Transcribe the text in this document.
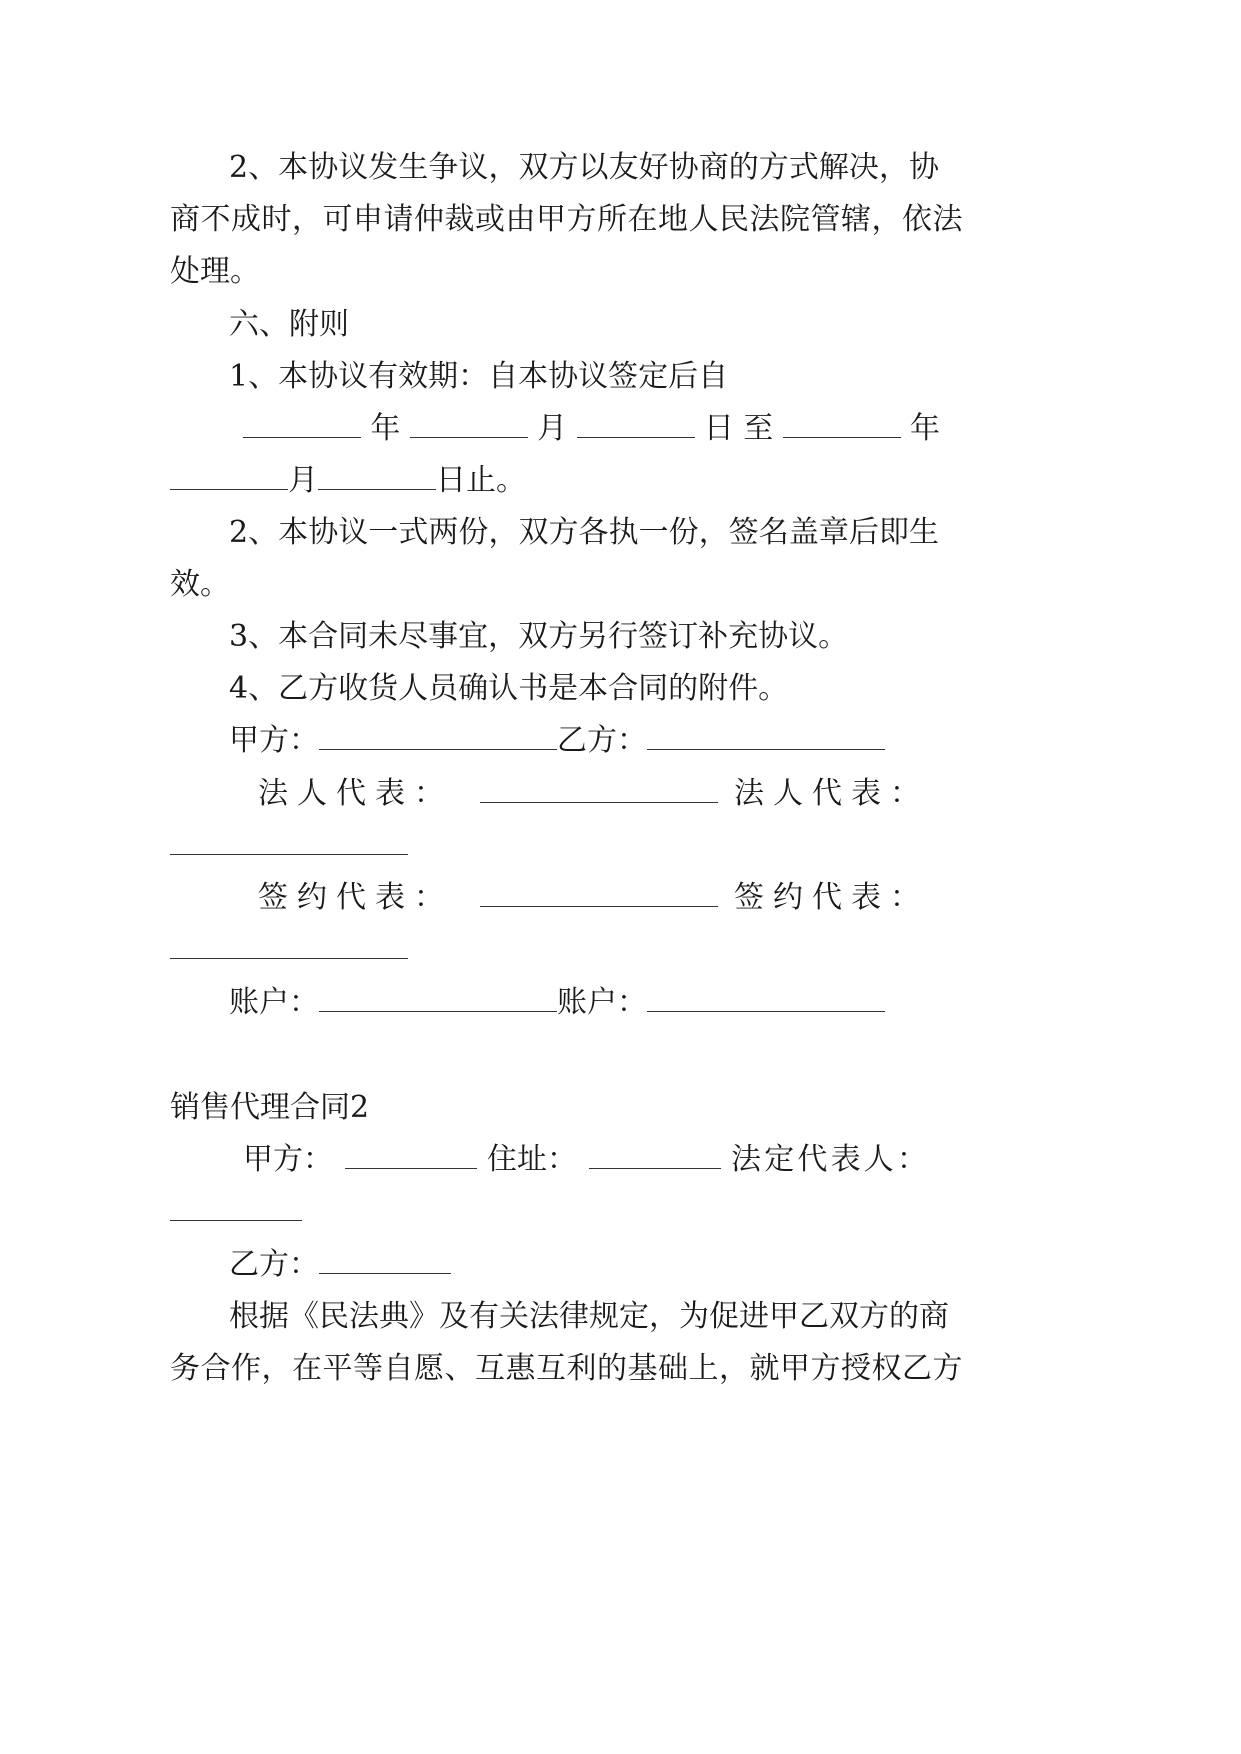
2、本协议发生争议，双方以友好协商的方式解决，协
商不成时，可申请仲裁或由甲方所在地人民法院管辖，依法
处理。
六、附则
1、本协议有效期：自本协议签定后自
年	月	日 至	年
月	日止。
2、本协议一式两份，双方各执一份，签名盖章后即生
效。
3、本合同未尽事宜，双方另行签订补充协议。
4、乙方收货人员确认书是本合同的附件。
甲方：	乙方：
法 人 代 表 ：	法 人 代 表 ：
签 约 代 表 ：	签 约 代 表 ：
账户：	账户：
销售代理合同2
甲 方 ：	住 址 ：	法 定 代 表 人 ：
乙方：
根据《民法典》及有关法律规定，为促进甲乙双方的商
务合作，在平等自愿、互惠互利的基础上，就甲方授权乙方
